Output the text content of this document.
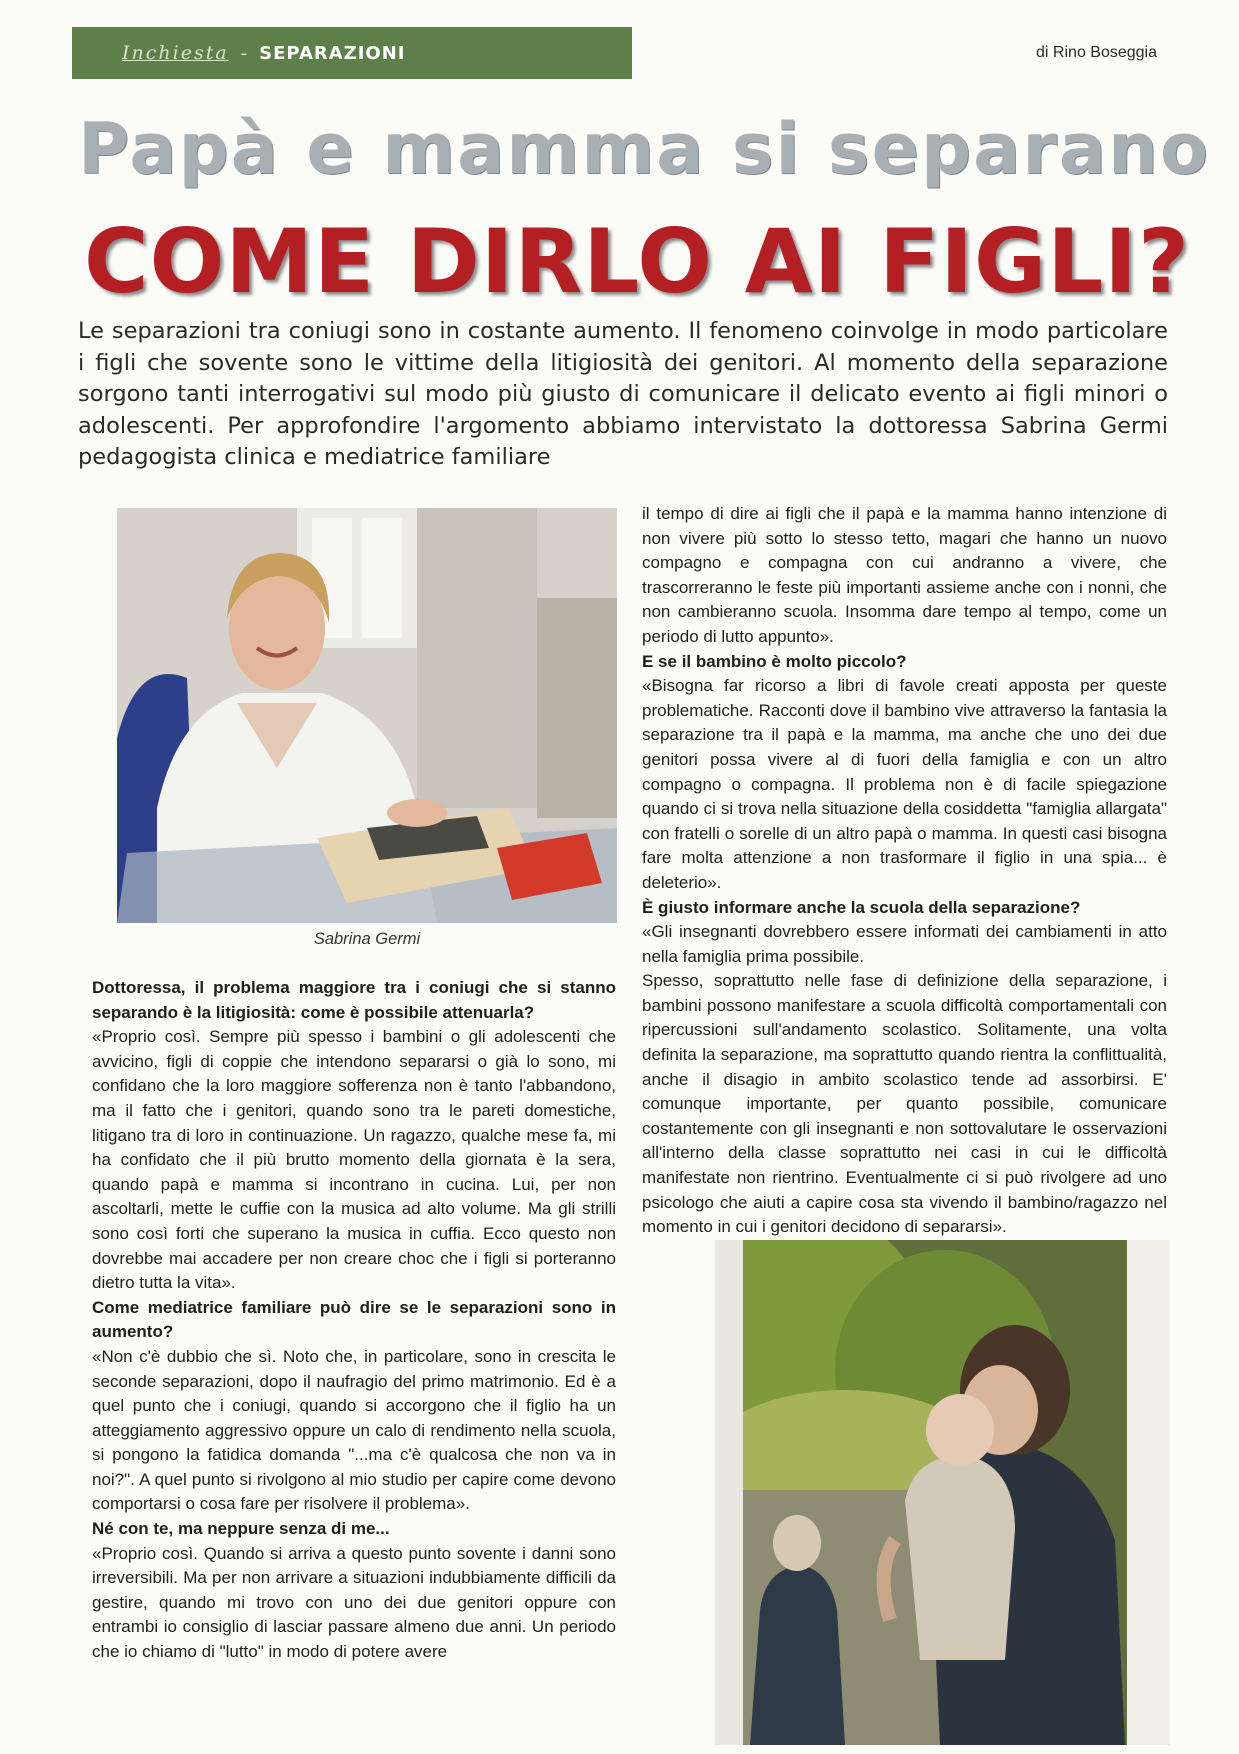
Inchiesta - SEPARAZIONI	di Rino Boseggia
Papà e mamma si separano
COME DIRLO AI FIGLI?

Le separazioni tra coniugi sono in costante aumento. Il fenomeno coinvolge in modo particolare i figli che sovente sono le vittime della litigiosità dei genitori. Al momento della separazione sorgono tanti interrogativi sul modo più giusto di comunicare il delicato evento ai figli minori o adolescenti. Per approfondire l'argomento abbiamo intervistato la dottoressa Sabrina Germi pedagogista clinica e mediatrice familiare

Sabrina Germi

Dottoressa, il problema maggiore tra i coniugi che si stanno separando è la litigiosità: come è possibile attenuarla?

«Proprio così. Sempre più spesso i bambini o gli adolescenti che avvicino, figli di coppie che intendono separarsi o già lo sono, mi confidano che la loro maggiore sofferenza non è tanto l'abbandono, ma il fatto che i genitori, quando sono tra le pareti domestiche, litigano tra di loro in continuazione. Un ragazzo, qualche mese fa, mi ha confidato che il più brutto momento della giornata è la sera, quando papà e mamma si incontrano in cucina. Lui, per non ascoltarli, mette le cuffie con la musica ad alto volume. Ma gli strilli sono così forti che superano la musica in cuffia. Ecco questo non dovrebbe mai accadere per non creare choc che i figli si porteranno dietro tutta la vita».

Come mediatrice familiare può dire se le separazioni sono in aumento?

«Non c'è dubbio che sì. Noto che, in particolare, sono in crescita le seconde separazioni, dopo il naufragio del primo matrimonio. Ed è a quel punto che i coniugi, quando si accorgono che il figlio ha un atteggiamento aggressivo oppure un calo di rendimento nella scuola, si pongono la fatidica domanda "...ma c'è qualcosa che non va in noi?". A quel punto si rivolgono al mio studio per capire come devono comportarsi o cosa fare per risolvere il problema».

Né con te, ma neppure senza di me...

«Proprio così. Quando si arriva a questo punto sovente i danni sono irreversibili. Ma per non arrivare a situazioni indubbiamente difficili da gestire, quando mi trovo con uno dei due genitori oppure con entrambi io consiglio di lasciar passare almeno due anni. Un periodo che io chiamo di "lutto" in modo di potere avere

il tempo di dire ai figli che il papà e la mamma hanno intenzione di non vivere più sotto lo stesso tetto, magari che hanno un nuovo compagno e compagna con cui andranno a vivere, che trascorreranno le feste più importanti assieme anche con i nonni, che non cambieranno scuola. Insomma dare tempo al tempo, come un periodo di lutto appunto».

E se il bambino è molto piccolo?

«Bisogna far ricorso a libri di favole creati apposta per queste problematiche. Racconti dove il bambino vive attraverso la fantasia la separazione tra il papà e la mamma, ma anche che uno dei due genitori possa vivere al di fuori della famiglia e con un altro compagno o compagna. Il problema non è di facile spiegazione quando ci si trova nella situazione della cosiddetta "famiglia allargata" con fratelli o sorelle di un altro papà o mamma. In questi casi bisogna fare molta attenzione a non trasformare il figlio in una spia... è deleterio».

È giusto informare anche la scuola della separazione?

«Gli insegnanti dovrebbero essere informati dei cambiamenti in atto nella famiglia prima possibile.

Spesso, soprattutto nelle fase di definizione della separazione, i bambini possono manifestare a scuola difficoltà comportamentali con ripercussioni sull'andamento scolastico. Solitamente, una volta definita la separazione, ma soprattutto quando rientra la conflittualità, anche il disagio in ambito scolastico tende ad assorbirsi. E' comunque importante, per quanto possibile, comunicare costantemente con gli insegnanti e non sottovalutare le osservazioni all'interno della classe soprattutto nei casi in cui le difficoltà manifestate non rientrino. Eventualmente ci si può rivolgere ad uno psicologo che aiuti a capire cosa sta vivendo il bambino/ragazzo nel momento in cui i genitori decidono di separarsi».
